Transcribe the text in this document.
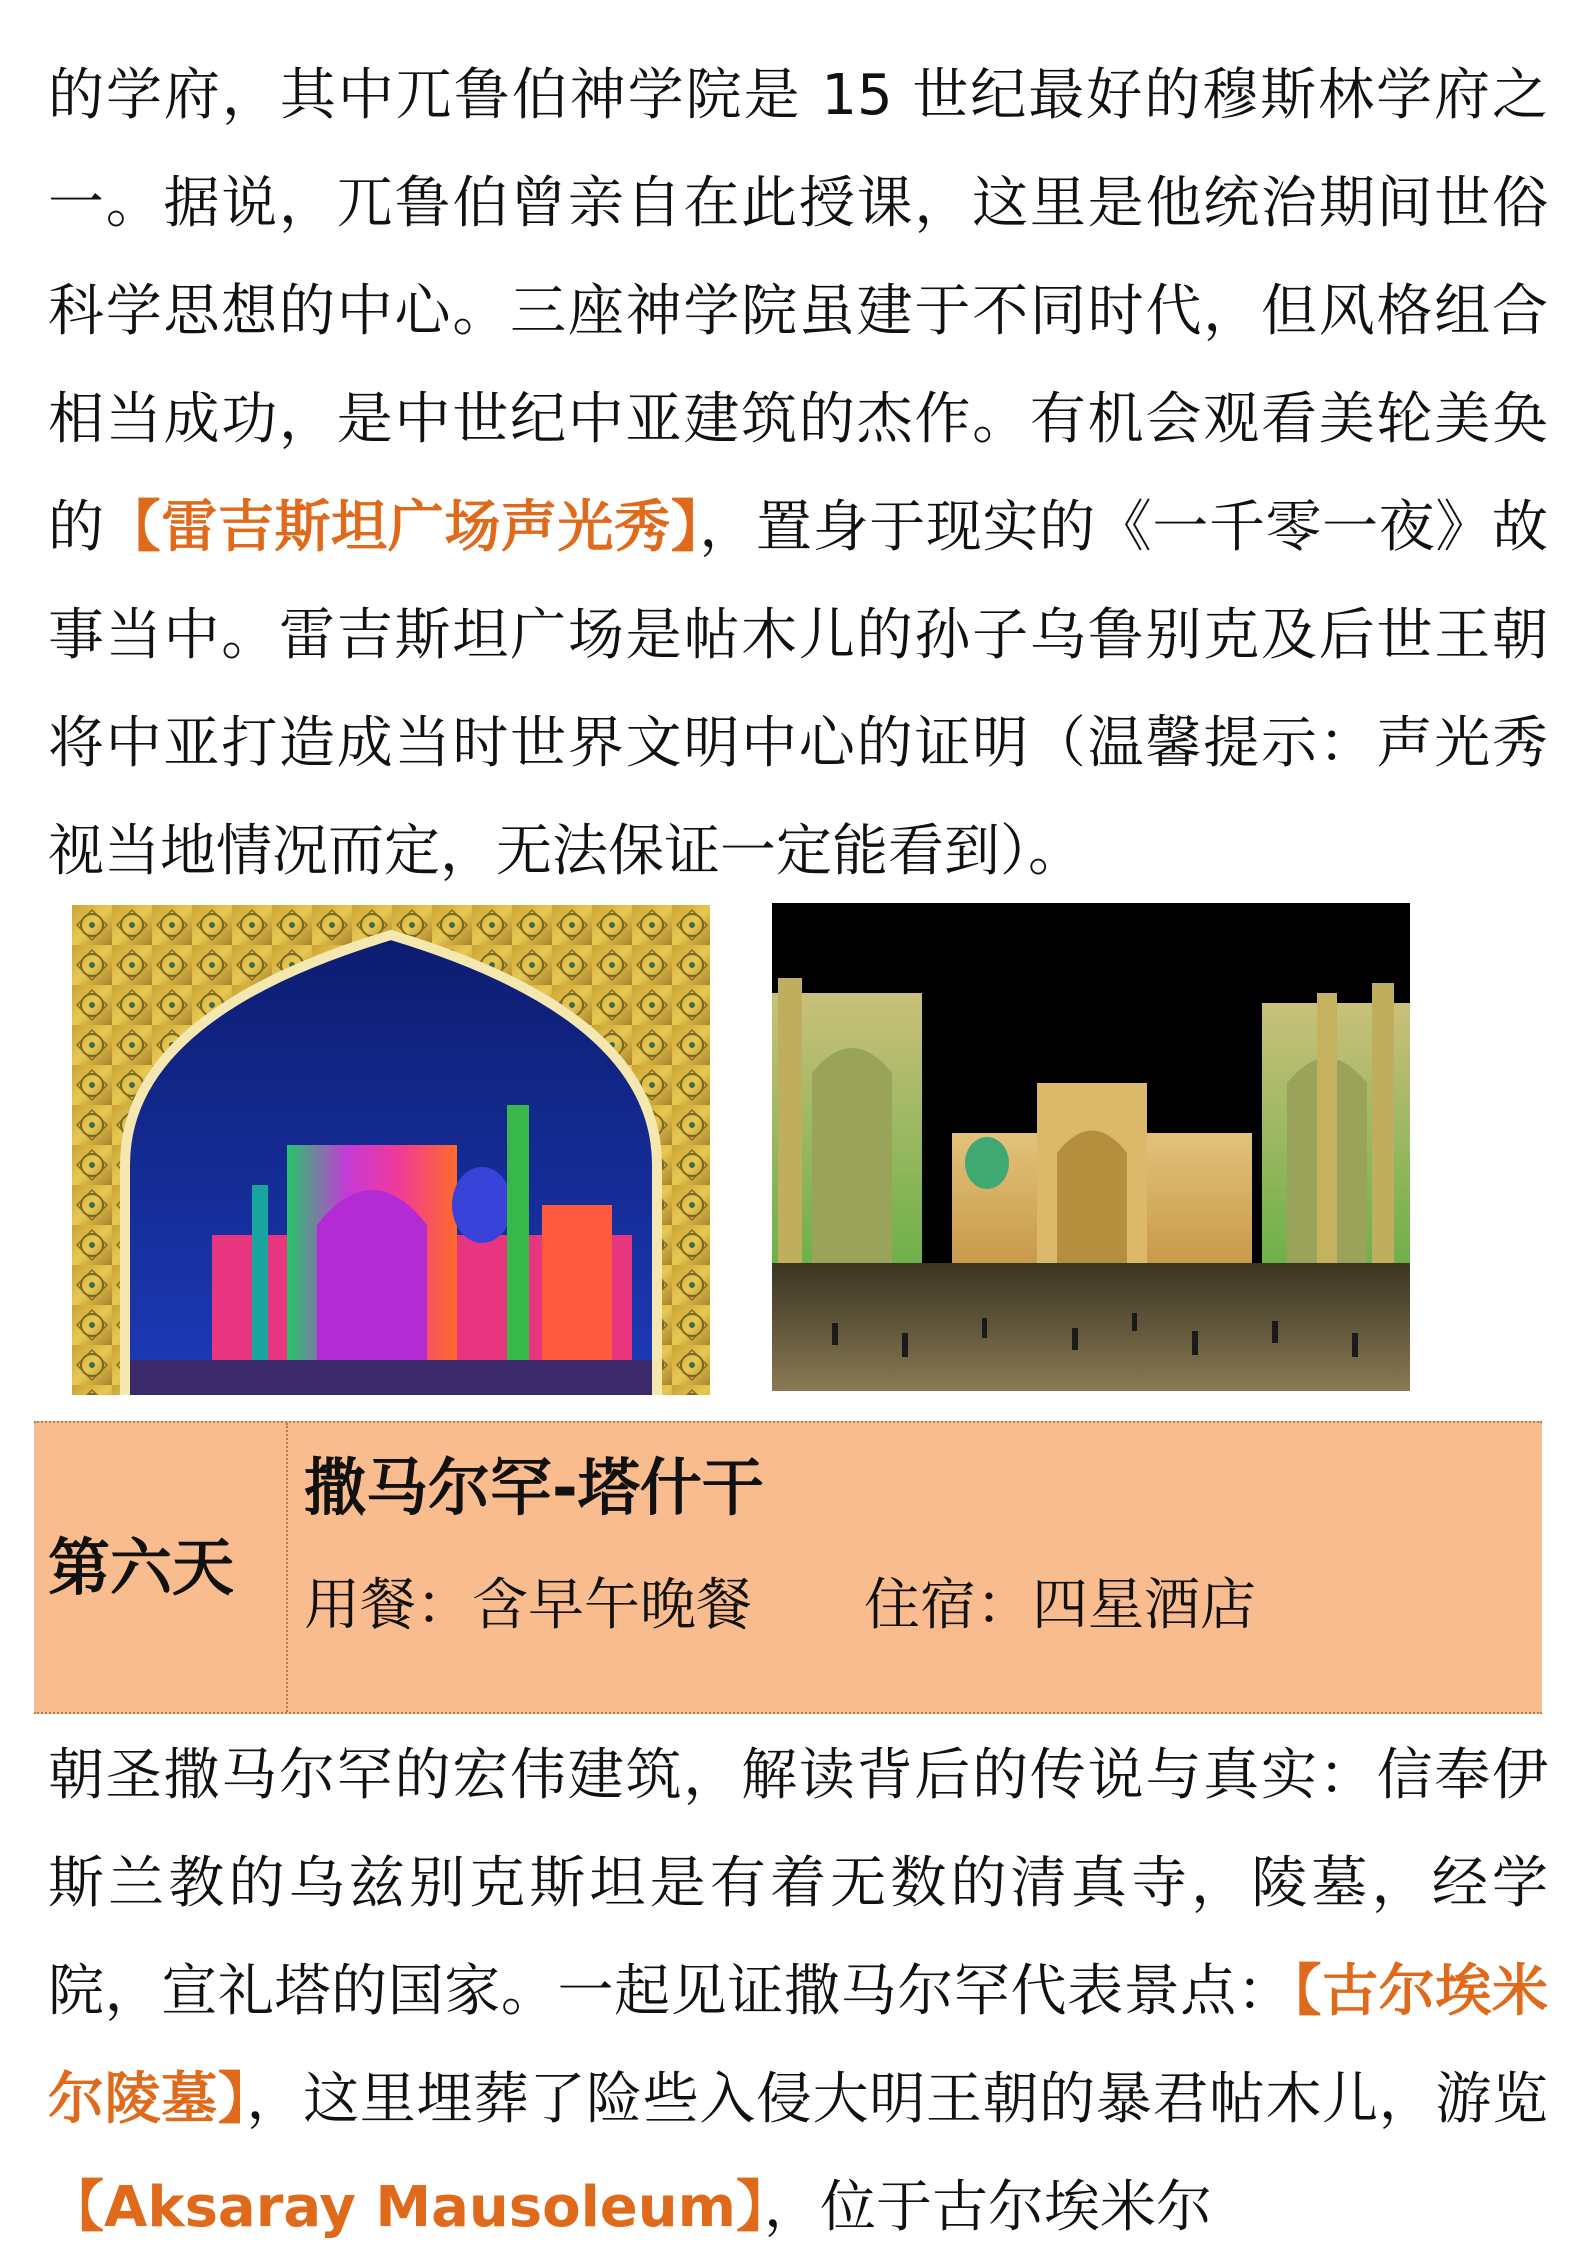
的学府，其中兀鲁伯神学院是 15 世纪最好的穆斯林学府之一。据说，兀鲁伯曾亲自在此授课，这里是他统治期间世俗科学思想的中心。三座神学院虽建于不同时代，但风格组合相当成功，是中世纪中亚建筑的杰作。有机会观看美轮美奂的【雷吉斯坦广场声光秀】，置身于现实的《一千零一夜》故事当中。雷吉斯坦广场是帖木儿的孙子乌鲁别克及后世王朝将中亚打造成当时世界文明中心的证明（温馨提示：声光秀视当地情况而定，无法保证一定能看到）。

第六天
撒马尔罕-塔什干
用餐：含早午晚餐 住宿：四星酒店

朝圣撒马尔罕的宏伟建筑，解读背后的传说与真实：信奉伊斯兰教的乌兹别克斯坦是有着无数的清真寺，陵墓，经学院，宣礼塔的国家。一起见证撒马尔罕代表景点：【古尔埃米尔陵墓】，这里埋葬了险些入侵大明王朝的暴君帖木儿，游览【Aksaray Mausoleum】，位于古尔埃米尔
